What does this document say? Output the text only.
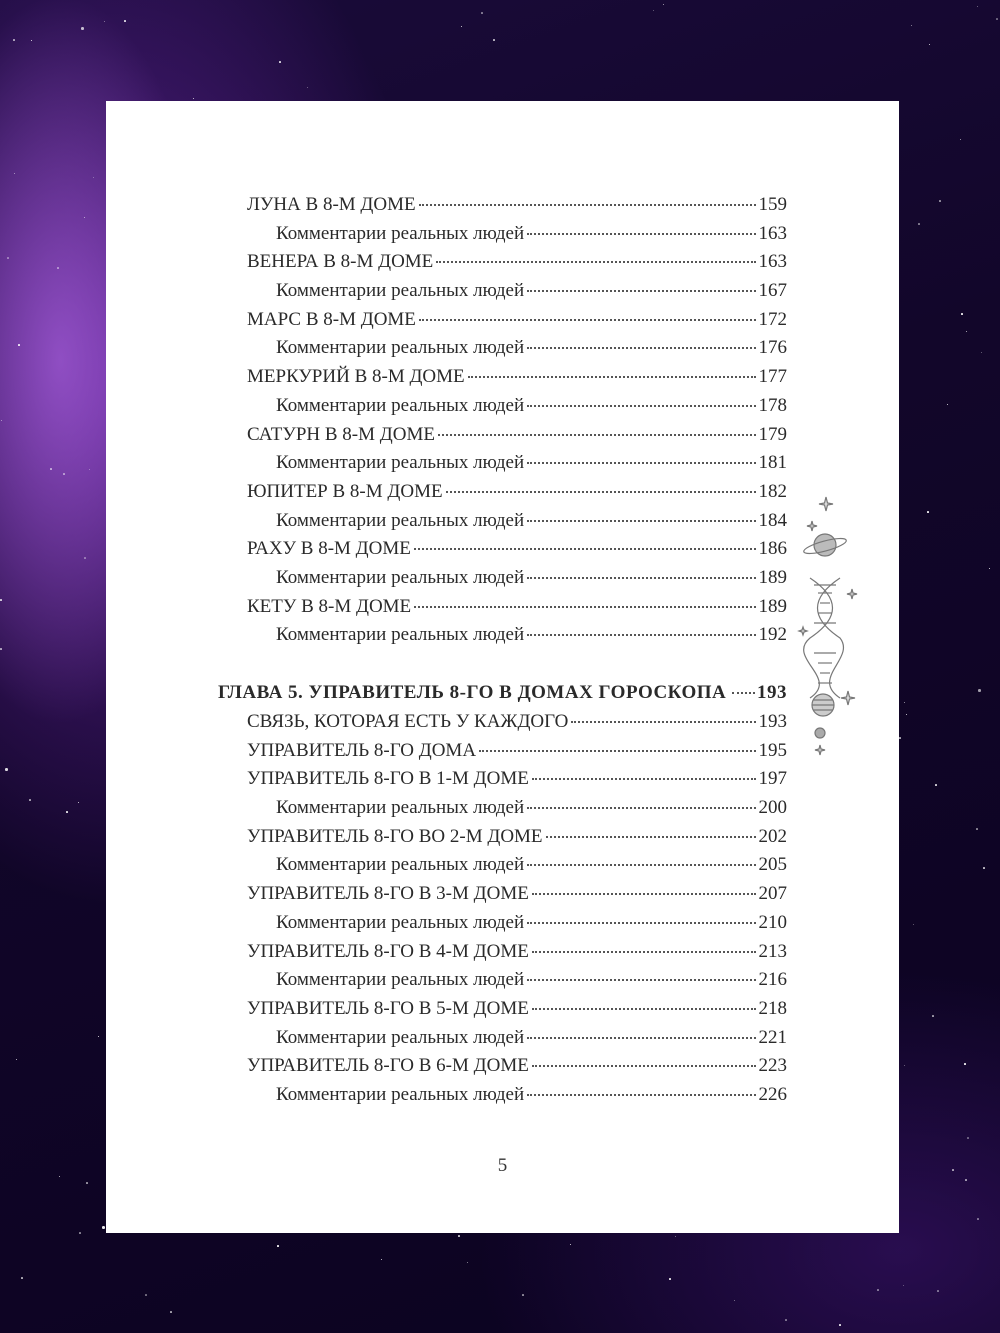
ЛУНА В 8-М ДОМЕ	159
Комментарии реальных людей	163
ВЕНЕРА В 8-М ДОМЕ	163
Комментарии реальных людей	167
МАРС В 8-М ДОМЕ	172
Комментарии реальных людей	176
МЕРКУРИЙ В 8-М ДОМЕ	177
Комментарии реальных людей	178
САТУРН В 8-М ДОМЕ	179
Комментарии реальных людей	181
ЮПИТЕР В 8-М ДОМЕ	182
Комментарии реальных людей	184
РАХУ В 8-М ДОМЕ	186
Комментарии реальных людей	189
КЕТУ В 8-М ДОМЕ	189
Комментарии реальных людей	192
ГЛАВА 5. УПРАВИТЕЛЬ 8-ГО В ДОМАХ ГОРОСКОПА 193
СВЯЗЬ, КОТОРАЯ ЕСТЬ У КАЖДОГО	193
УПРАВИТЕЛЬ 8-ГО ДОМА	195
УПРАВИТЕЛЬ 8-ГО В 1-М ДОМЕ	197
Комментарии реальных людей	200
УПРАВИТЕЛЬ 8-ГО ВО 2-М ДОМЕ	202
Комментарии реальных людей	205
УПРАВИТЕЛЬ 8-ГО В 3-М ДОМЕ	207
Комментарии реальных людей	210
УПРАВИТЕЛЬ 8-ГО В 4-М ДОМЕ	213
Комментарии реальных людей	216
УПРАВИТЕЛЬ 8-ГО В 5-М ДОМЕ	218
Комментарии реальных людей	221
УПРАВИТЕЛЬ 8-ГО В 6-М ДОМЕ	223
Комментарии реальных людей	226
5
